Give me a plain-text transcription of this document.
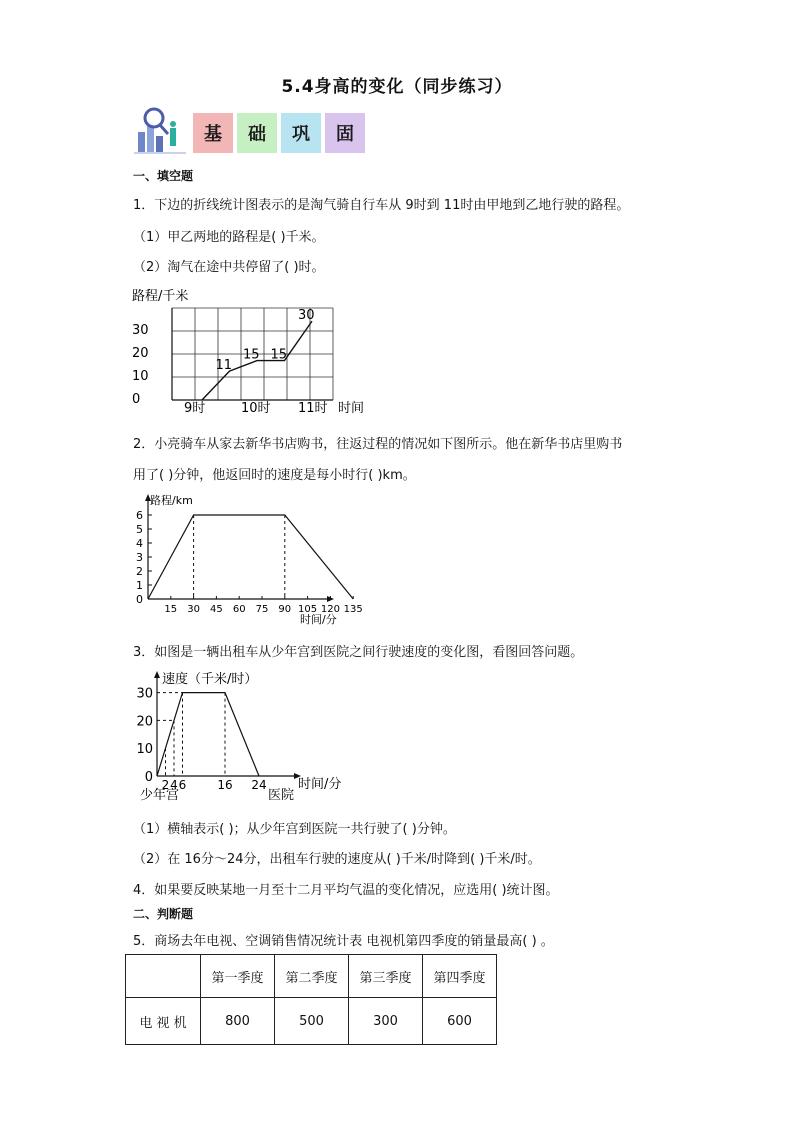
5.4身高的变化（同步练习）
基	础	巩	固
一、填空题
1．下边的折线统计图表示的是淘气骑自行车从 9时到 11时由甲地到乙地行驶的路程。
（1）甲乙两地的路程是( )千米。
（2）淘气在途中共停留了( )时。
路程/千米
30
20
10
0
9时	10时 11时 时间
11
15 15
30
2．小亮骑车从家去新华书店购书，往返过程的情况如下图所示。他在新华书店里购书
用了( )分钟，他返回时的速度是每小时行( )km。
路程/km
0
1
2
3
4
5
6
15 30 45 60 75 90 105 120 135
时间/分
3．如图是一辆出租车从少年宫到医院之间行驶速度的变化图，看图回答问题。
速度（千米/时）
0
10
20
30
2 4 6	16 24 时间/分
少年宫	医院
（1）横轴表示( )；从少年宫到医院一共行驶了( )分钟。
（2）在 16分～24分，出租车行驶的速度从( )千米/时降到( )千米/时。
4．如果要反映某地一月至十二月平均气温的变化情况，应选用( )统计图。
二、判断题
5．商场去年电视、空调销售情况统计表 电视机第四季度的销量最高( ) 。
	第一季度	第二季度	第三季度	第四季度
电 视 机	800	500	300	600
